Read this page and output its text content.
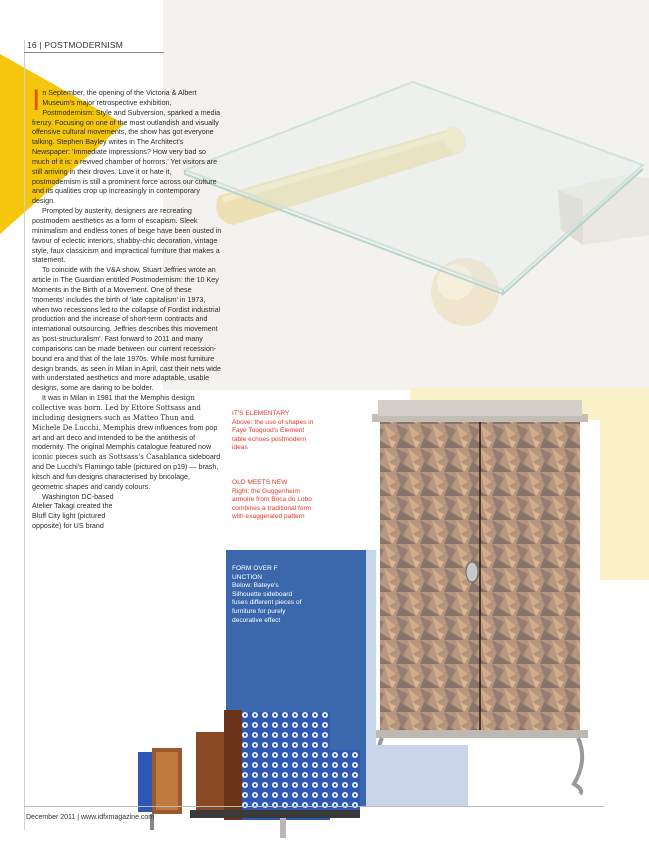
16 | POSTMODERNISM

In September, the opening of the Victoria & Albert Museum's major retrospective exhibition, Postmodernism: Style and Subversion, sparked a media frenzy. Focusing on one of the most outlandish and visually offensive cultural movements, the show has got everyone talking. Stephen Bayley writes in The Architect's Newspaper: 'Immediate impressions? How very bad so much of it is: a revived chamber of horrors.' Yet visitors are still arriving in their droves. Love it or hate it, postmodernism is still a prominent force across our culture and its qualities crop up increasingly in contemporary design.

Prompted by austerity, designers are recreating postmodern aesthetics as a form of escapism. Sleek minimalism and endless tones of beige have been ousted in favour of eclectic interiors, shabby-chic decoration, vintage style, faux classicism and impractical furniture that makes a statement.

To coincide with the V&A show, Stuart Jeffries wrote an article in The Guardian entitled Postmodernism: the 10 Key Moments in the Birth of a Movement. One of these 'moments' includes the birth of 'late capitalism' in 1973, when two recessions led to the collapse of Fordist industrial production and the increase of short-term contracts and international outsourcing. Jeffries describes this movement as 'post-structuralism'. Fast forward to 2011 and many comparisons can be made between our current recession-bound era and that of the late 1970s. While most furniture design brands, as seen in Milan in April, cast their nets wide with understated aesthetics and more adaptable, usable designs, some are daring to be bolder.

It was in Milan in 1981 that the Memphis design collective was born. Led by Ettore Sottsass and including designers such as Matteo Thun and Michele De Lucchi, Memphis drew influences from pop art and art deco and intended to be the antithesis of modernity. The original Memphis catalogue featured now iconic pieces such as Sottsass's Casablanca sideboard and De Lucchi's Flamingo table (pictured on p19) — brash, kitsch and fun designs characterised by bricolage, geometric shapes and candy colours.

Washington DC-based Atelier Takagi created the Bluff City light (pictured opposite) for US brand

IT'S ELEMENTARY
Above: the use of shapes in Faye Toogood's Element table echoes postmodern ideas
OLD MEETS NEW
Right: the Guggenheim armoire from Boca do Lobo combines a traditional form with exaggerated pattern
FORM OVER F UNCTION
Below: Bateye's Silhouette sideboard fuses different pieces of furniture for purely decorative effect
December 2011 | www.idfxmagazine.com
